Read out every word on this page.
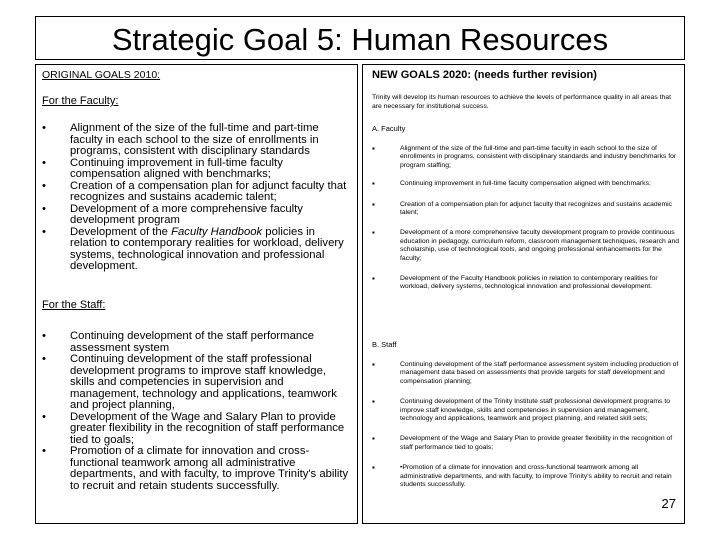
Strategic Goal 5: Human Resources
ORIGINAL GOALS 2010:
For the Faculty:
• Alignment of the size of the full-time and part-time faculty in each school to the size of enrollments in programs, consistent with disciplinary standards
• Continuing improvement in full-time faculty compensation aligned with benchmarks;
• Creation of a compensation plan for adjunct faculty that recognizes and sustains academic talent;
• Development of a more comprehensive faculty development program
• Development of the Faculty Handbook policies in relation to contemporary realities for workload, delivery systems, technological innovation and professional development.
For the Staff:
• Continuing development of the staff performance assessment system
• Continuing development of the staff professional development programs to improve staff knowledge, skills and competencies in supervision and management, technology and applications, teamwork and project planning,
• Development of the Wage and Salary Plan to provide greater flexibility in the recognition of staff performance tied to goals;
• Promotion of a climate for innovation and cross-functional teamwork among all administrative departments, and with faculty, to improve Trinity's ability to recruit and retain students successfully.
NEW GOALS 2020: (needs further revision)
Trinity will develop its human resources to achieve the levels of performance quality in all areas that are necessary for institutional success.
A. Faculty
▪	Alignment of the size of the full-time and part-time faculty in each school to the size of enrollments in programs, consistent with disciplinary standards and industry benchmarks for program staffing;
▪	Continuing improvement in full-time faculty compensation aligned with benchmarks;
▪	Creation of a compensation plan for adjunct faculty that recognizes and sustains academic talent;
▪	Development of a more comprehensive faculty development program to provide continuous education in pedagogy, curriculum reform, classroom management techniques, research and scholarship, use of technological tools, and ongoing professional enhancements for the faculty;
▪	Development of the Faculty Handbook policies in relation to contemporary realities for workload, delivery systems, technological innovation and professional development.
B. Staff
▪	Continuing development of the staff performance assessment system including production of management data based on assessments that provide targets for staff development and compensation planning;
▪	Continuing development of the Trinity Institute staff professional development programs to improve staff knowledge, skills and competencies in supervision and management, technology and applications, teamwork and project planning, and related skill sets;
▪	Development of the Wage and Salary Plan to provide greater flexibility in the recognition of staff performance tied to goals;
▪	•Promotion of a climate for innovation and cross-functional teamwork among all administrative departments, and with faculty, to improve Trinity's ability to recruit and retain students successfully.
27
